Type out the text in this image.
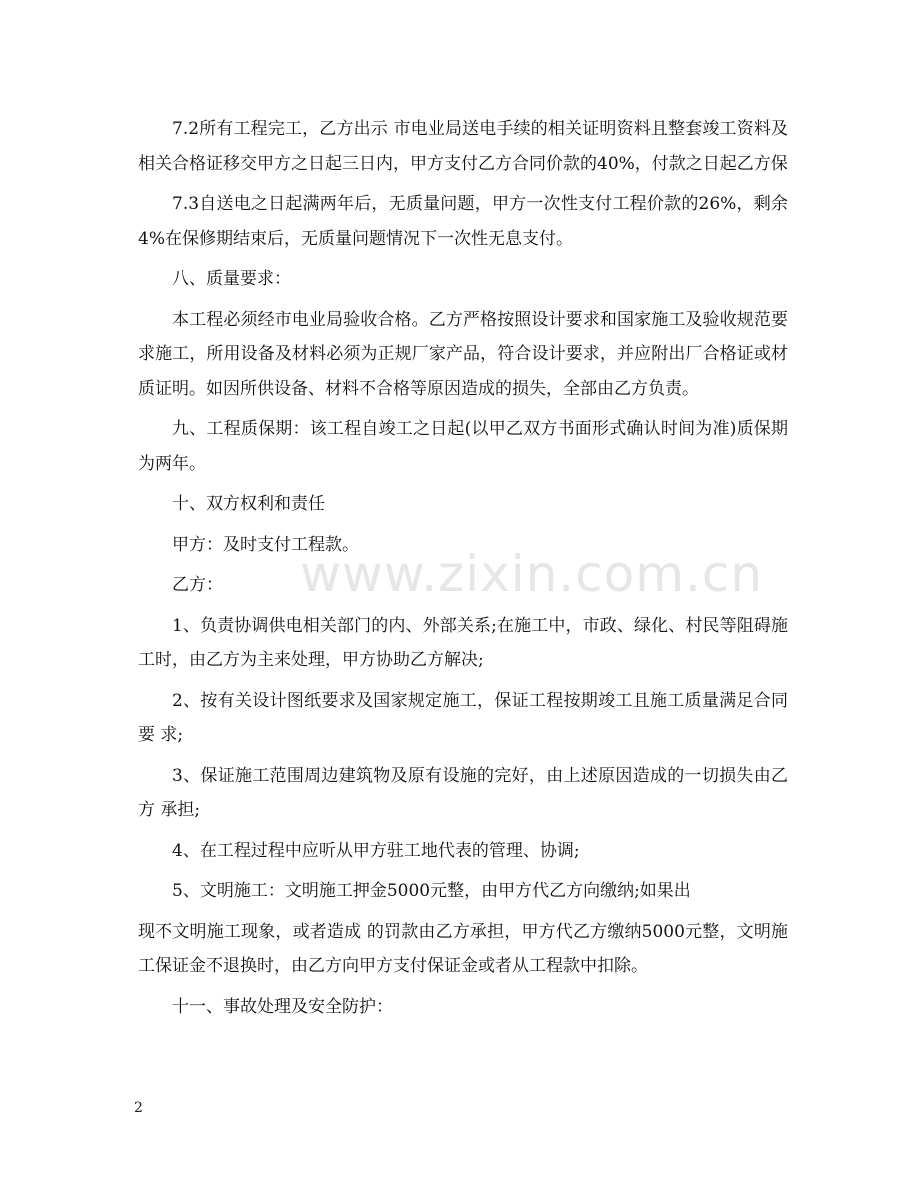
7.2所有工程完工，乙方出示 市电业局送电手续的相关证明资料且整套竣工资料及相关合格证移交甲方之日起三日内，甲方支付乙方合同价款的40%，付款之日起乙方保

7.3自送电之日起满两年后，无质量问题，甲方一次性支付工程价款的26%，剩余4%在保修期结束后，无质量问题情况下一次性无息支付。

八、质量要求：

本工程必须经市电业局验收合格。乙方严格按照设计要求和国家施工及验收规范要求施工，所用设备及材料必须为正规厂家产品，符合设计要求，并应附出厂合格证或材质证明。如因所供设备、材料不合格等原因造成的损失，全部由乙方负责。

九、工程质保期：该工程自竣工之日起(以甲乙双方书面形式确认时间为准)质保期为两年。

十、双方权利和责任

甲方：及时支付工程款。

乙方：

1、负责协调供电相关部门的内、外部关系;在施工中，市政、绿化、村民等阻碍施 工时，由乙方为主来处理，甲方协助乙方解决;

2、按有关设计图纸要求及国家规定施工，保证工程按期竣工且施工质量满足合同要 求;

3、保证施工范围周边建筑物及原有设施的完好，由上述原因造成的一切损失由乙方 承担;

4、在工程过程中应听从甲方驻工地代表的管理、协调;

5、文明施工：文明施工押金5000元整，由甲方代乙方向缴纳;如果出

现不文明施工现象，或者造成 的罚款由乙方承担，甲方代乙方缴纳5000元整，文明施工保证金不退换时，由乙方向甲方支付保证金或者从工程款中扣除。

十一、事故处理及安全防护：

www.zixin.com.cn
2
